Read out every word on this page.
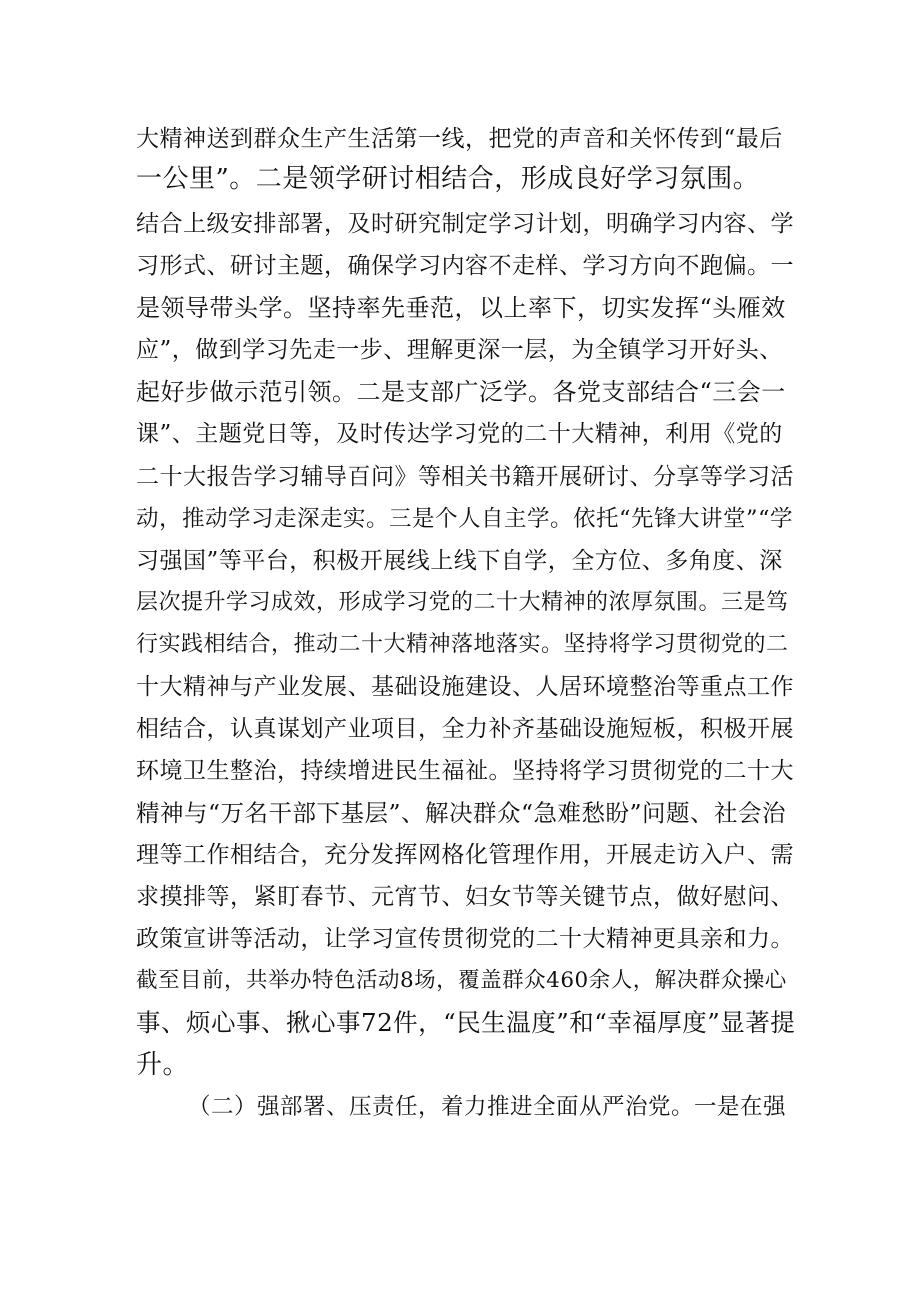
大精神送到群众生产生活第一线，把党的声音和关怀传到“最后
一公里”。二是领学研讨相结合，形成良好学习氛围。
结合上级安排部署，及时研究制定学习计划，明确学习内容、学
习形式、研讨主题，确保学习内容不走样、学习方向不跑偏。一
是领导带头学。坚持率先垂范，以上率下，切实发挥“头雁效
应”，做到学习先走一步、理解更深一层，为全镇学习开好头、
起好步做示范引领。二是支部广泛学。各党支部结合“三会一
课”、主题党日等，及时传达学习党的二十大精神，利用《党的
二十大报告学习辅导百问》等相关书籍开展研讨、分享等学习活
动，推动学习走深走实。三是个人自主学。依托“先锋大讲堂”“学
习强国”等平台，积极开展线上线下自学，全方位、多角度、深
层次提升学习成效，形成学习党的二十大精神的浓厚氛围。三是笃
行实践相结合，推动二十大精神落地落实。坚持将学习贯彻党的二
十大精神与产业发展、基础设施建设、人居环境整治等重点工作
相结合，认真谋划产业项目，全力补齐基础设施短板，积极开展
环境卫生整治，持续增进民生福祉。坚持将学习贯彻党的二十大
精神与“万名干部下基层”、解决群众“急难愁盼”问题、社会治
理等工作相结合，充分发挥网格化管理作用，开展走访入户、需
求摸排等，紧盯春节、元宵节、妇女节等关键节点，做好慰问、
政策宣讲等活动，让学习宣传贯彻党的二十大精神更具亲和力。
截至目前，共举办特色活动8场，覆盖群众460余人，解决群众操心
事、烦心事、揪心事72件，“民生温度”和“幸福厚度”显著提
升。
（二）强部署、压责任，着力推进全面从严治党。一是在强
